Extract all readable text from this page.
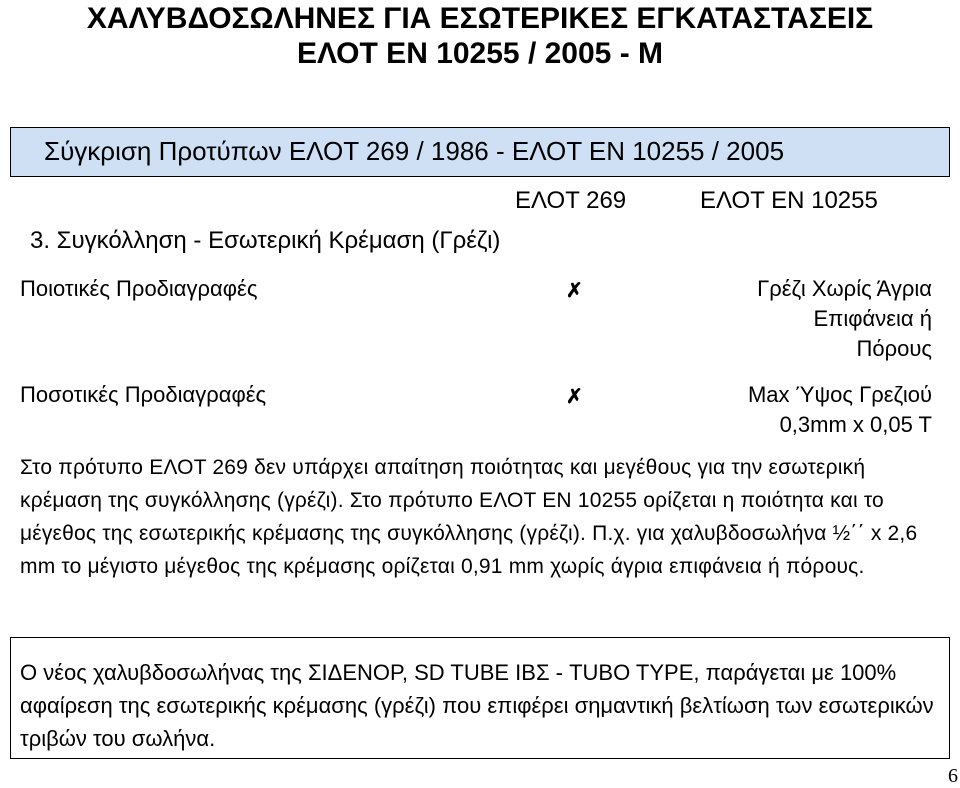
ΧΑΛΥΒΔΟΣΩΛΗΝΕΣ ΓΙΑ ΕΣΩΤΕΡΙΚΕΣ ΕΓΚΑΤΑΣΤΑΣΕΙΣ
ΕΛΟΤ ΕΝ 10255 / 2005 - Μ
Σύγκριση Προτύπων ΕΛΟΤ 269 / 1986 - ΕΛΟΤ ΕΝ 10255 / 2005
ΕΛΟΤ 269	ΕΛΟΤ ΕΝ 10255
3. Συγκόλληση - Εσωτερική Κρέμαση (Γρέζι)
Ποιοτικές Προδιαγραφές	✗	Γρέζι Χωρίς Άγρια
Επιφάνεια ή
Πόρους
Ποσοτικές Προδιαγραφές	✗	Max Ύψος Γρεζιού
0,3mm x 0,05 T
Στο πρότυπο ΕΛΟΤ 269 δεν υπάρχει απαίτηση ποιότητας και μεγέθους για την εσωτερική κρέμαση της συγκόλλησης (γρέζι). Στο πρότυπο ΕΛΟΤ ΕΝ 10255 ορίζεται η ποιότητα και το μέγεθος της εσωτερικής κρέμασης της συγκόλλησης (γρέζι). Π.χ. για χαλυβδοσωλήνα ½΄΄ x 2,6 mm το μέγιστο μέγεθος της κρέμασης ορίζεται 0,91 mm χωρίς άγρια επιφάνεια ή πόρους.
Ο νέος χαλυβδοσωλήνας της ΣΙΔΕΝΟΡ, SD TUBE ΙΒΣ - TUBO TYPE, παράγεται με 100% αφαίρεση της εσωτερικής κρέμασης (γρέζι) που επιφέρει σημαντική βελτίωση των εσωτερικών τριβών του σωλήνα.
6
